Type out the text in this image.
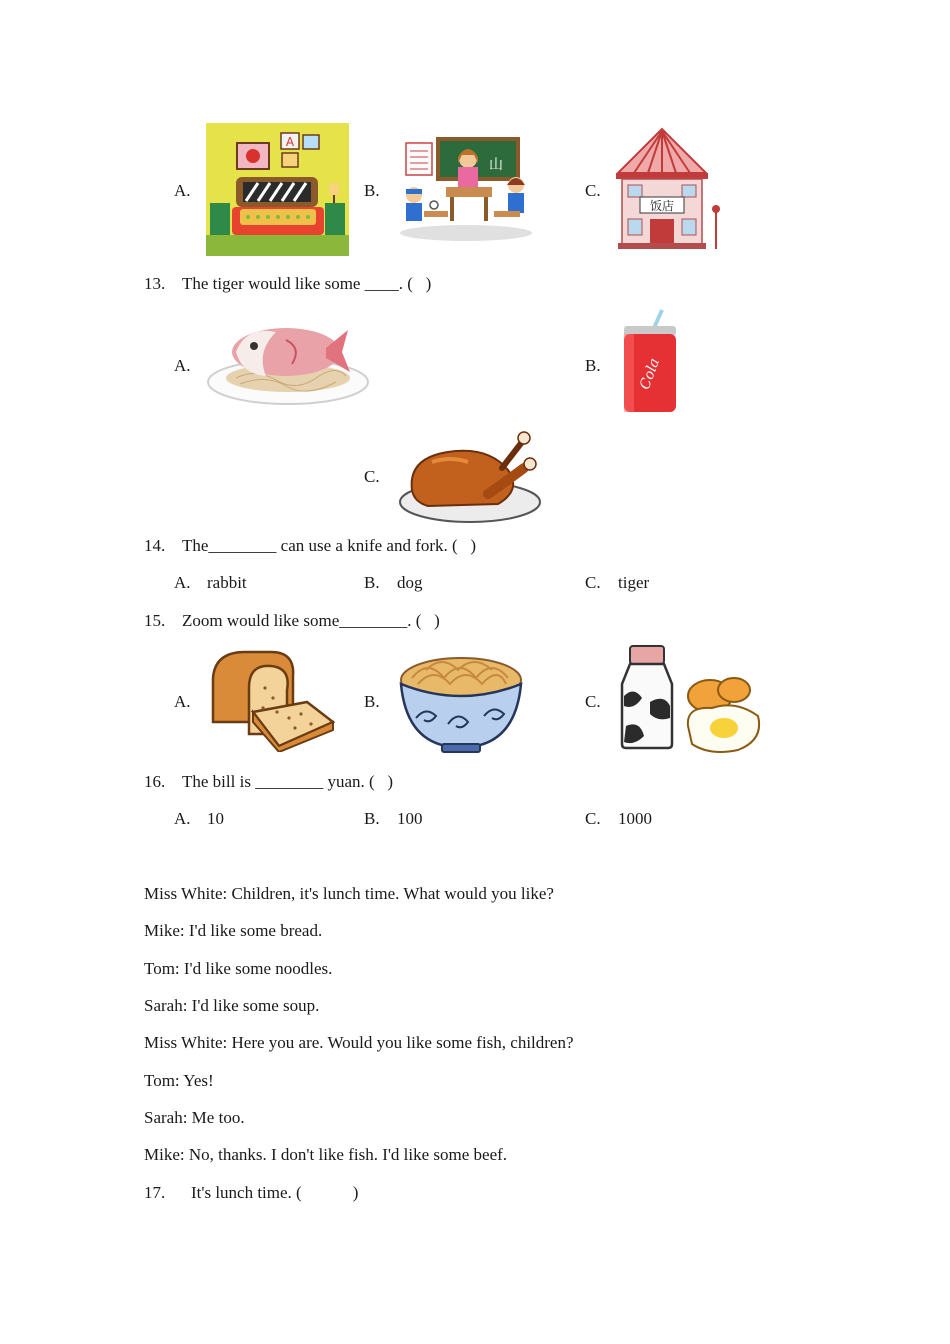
A.
A
B.
山
C.
饭店
13. The tiger would like some ____. (   )
A.	B.	Cola
C.
14. The________ can use a knife and fork. (   )
A. rabbit	B. dog	C. tiger
15. Zoom would like some________. (   )
A.	B.	C.
16. The bill is ________ yuan. (   )
A. 10	B. 100	C. 1000
Miss White: Children, it's lunch time. What would you like?
Mike: I'd like some bread.
Tom: I'd like some noodles.
Sarah: I'd like some soup.
Miss White: Here you are. Would you like some fish, children?
Tom: Yes!
Sarah: Me too.
Mike: No, thanks. I don't like fish. I'd like some beef.
17. It's lunch time. (            )
